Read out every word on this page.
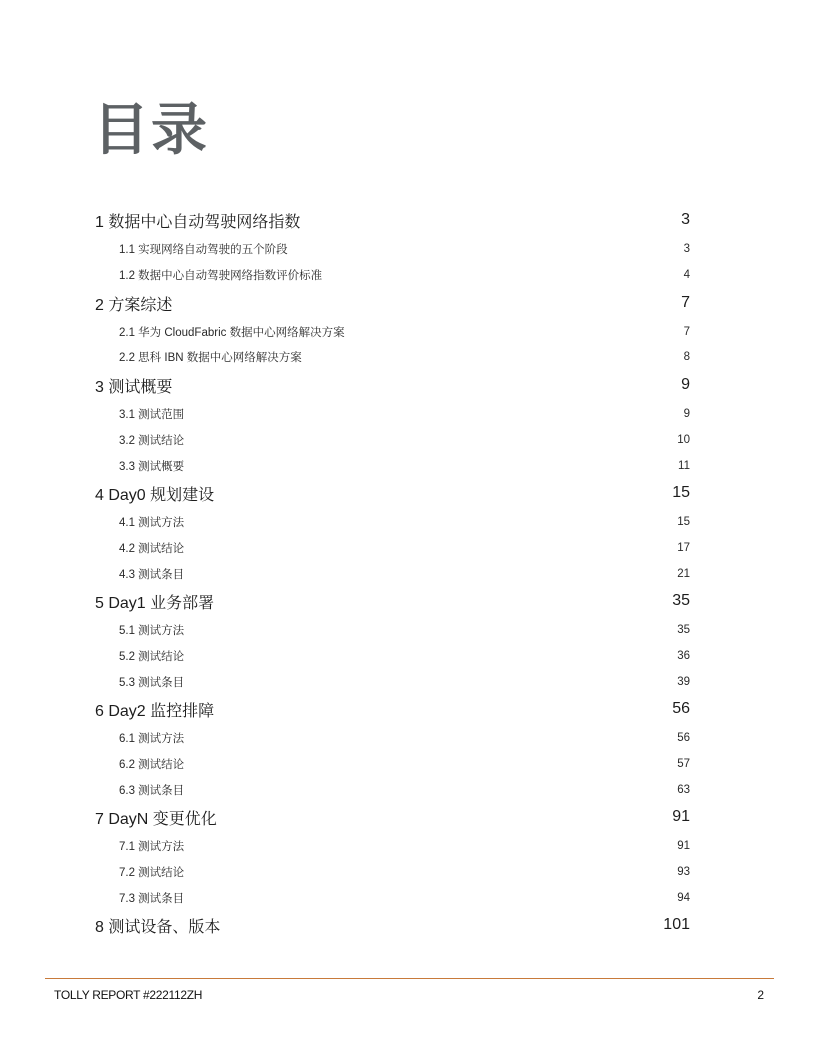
目录
1 数据中心自动驾驶网络指数	3
1.1 实现网络自动驾驶的五个阶段	3
1.2 数据中心自动驾驶网络指数评价标准	4
2 方案综述	7
2.1 华为 CloudFabric 数据中心网络解决方案	7
2.2 思科 IBN 数据中心网络解决方案	8
3 测试概要	9
3.1 测试范围	9
3.2 测试结论	10
3.3 测试概要	11
4 Day0 规划建设	15
4.1 测试方法	15
4.2 测试结论	17
4.3 测试条目	21
5 Day1 业务部署	35
5.1 测试方法	35
5.2 测试结论	36
5.3 测试条目	39
6 Day2 监控排障	56
6.1 测试方法	56
6.2 测试结论	57
6.3 测试条目	63
7 DayN 变更优化	91
7.1 测试方法	91
7.2 测试结论	93
7.3 测试条目	94
8 测试设备、版本	101
TOLLY REPORT #222112ZH	2
